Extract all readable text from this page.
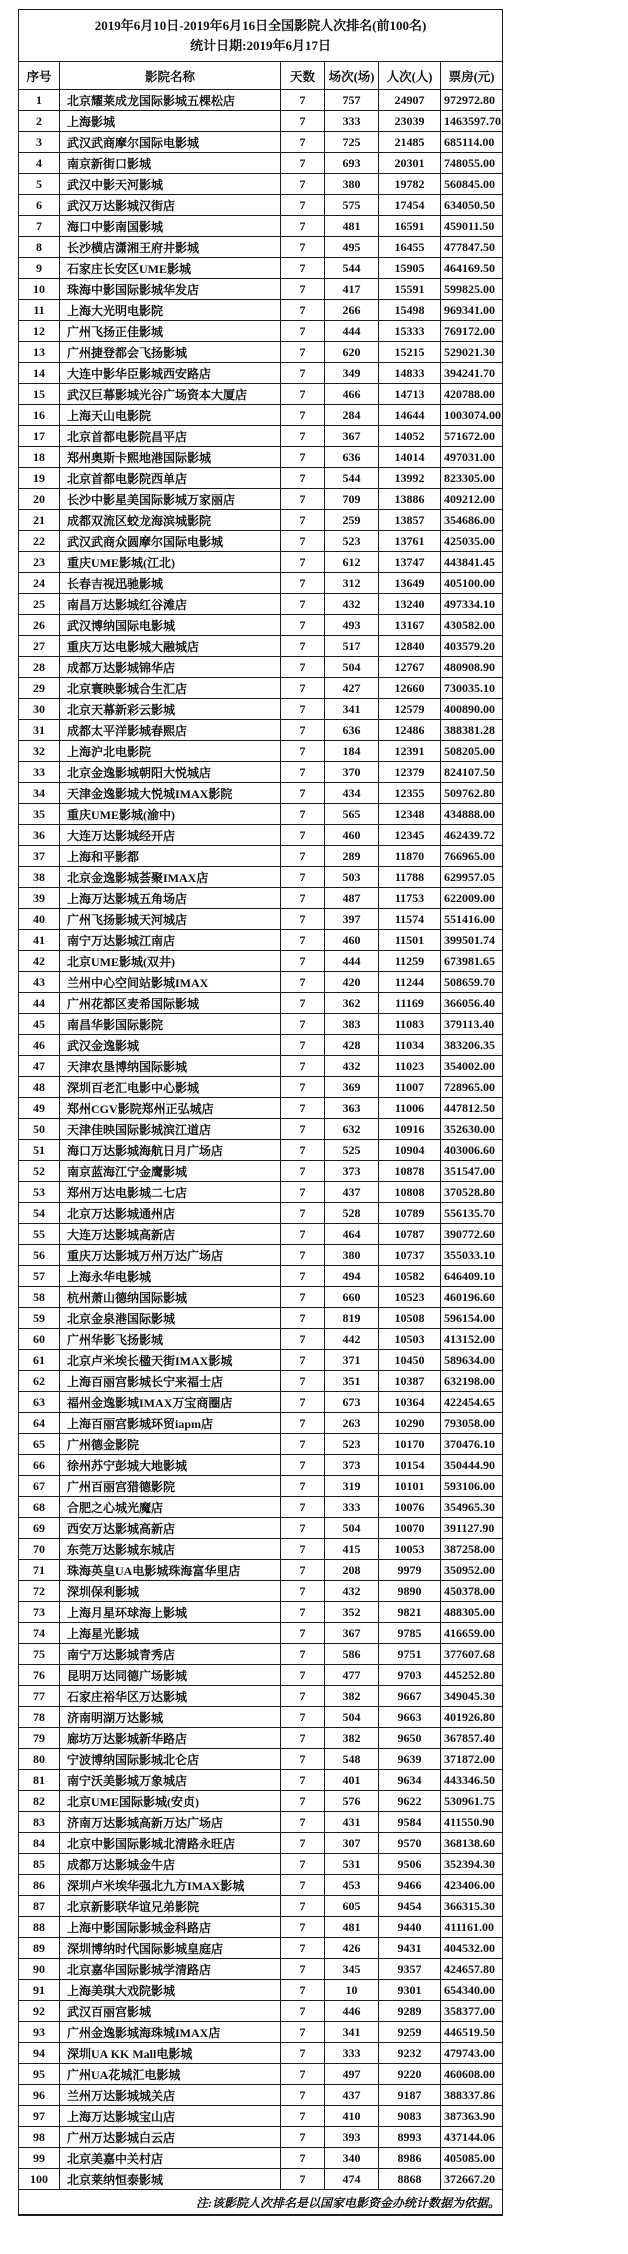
2019年6月10日-2019年6月16日全国影院人次排名(前100名)
统计日期:2019年6月17日					

序号	影院名称	天数	场次(场)	人次(人)	票房(元)
1	北京耀莱成龙国际影城五棵松店	7	757	24907	972972.80
2	上海影城	7	333	23039	1463597.70
3	武汉武商摩尔国际电影城	7	725	21485	685114.00
4	南京新街口影城	7	693	20301	748055.00
5	武汉中影天河影城	7	380	19782	560845.00
6	武汉万达影城汉街店	7	575	17454	634050.50
7	海口中影南国影城	7	481	16591	459011.50
8	长沙横店潇湘王府井影城	7	495	16455	477847.50
9	石家庄长安区UME影城	7	544	15905	464169.50
10	珠海中影国际影城华发店	7	417	15591	599825.00
11	上海大光明电影院	7	266	15498	969341.00
12	广州飞扬正佳影城	7	444	15333	769172.00
13	广州捷登都会飞扬影城	7	620	15215	529021.30
14	大连中影华臣影城西安路店	7	349	14833	394241.70
15	武汉巨幕影城光谷广场资本大厦店	7	466	14713	420788.00
16	上海天山电影院	7	284	14644	1003074.00
17	北京首都电影院昌平店	7	367	14052	571672.00
18	郑州奥斯卡熙地港国际影城	7	636	14014	497031.00
19	北京首都电影院西单店	7	544	13992	823305.00
20	长沙中影星美国际影城万家丽店	7	709	13886	409212.00
21	成都双流区蛟龙海滨城影院	7	259	13857	354686.00
22	武汉武商众圆摩尔国际电影城	7	523	13761	425035.00
23	重庆UME影城(江北)	7	612	13747	443841.45
24	长春吉视迅驰影城	7	312	13649	405100.00
25	南昌万达影城红谷滩店	7	432	13240	497334.10
26	武汉博纳国际电影城	7	493	13167	430582.00
27	重庆万达电影城大融城店	7	517	12840	403579.20
28	成都万达影城锦华店	7	504	12767	480908.90
29	北京寰映影城合生汇店	7	427	12660	730035.10
30	北京天幕新彩云影城	7	341	12579	400890.00
31	成都太平洋影城春熙店	7	636	12486	388381.28
32	上海沪北电影院	7	184	12391	508205.00
33	北京金逸影城朝阳大悦城店	7	370	12379	824107.50
34	天津金逸影城大悦城IMAX影院	7	434	12355	509762.80
35	重庆UME影城(渝中)	7	565	12348	434888.00
36	大连万达影城经开店	7	460	12345	462439.72
37	上海和平影都	7	289	11870	766965.00
38	北京金逸影城荟聚IMAX店	7	503	11788	629957.05
39	上海万达影城五角场店	7	487	11753	622009.00
40	广州飞扬影城天河城店	7	397	11574	551416.00
41	南宁万达影城江南店	7	460	11501	399501.74
42	北京UME影城(双井)	7	444	11259	673981.65
43	兰州中心空间站影城IMAX	7	420	11244	508659.70
44	广州花都区麦希国际影城	7	362	11169	366056.40
45	南昌华影国际影院	7	383	11083	379113.40
46	武汉金逸影城	7	428	11034	383206.35
47	天津农垦博纳国际影城	7	432	11023	354002.00
48	深圳百老汇电影中心影城	7	369	11007	728965.00
49	郑州CGV影院郑州正弘城店	7	363	11006	447812.50
50	天津佳映国际影城滨江道店	7	632	10916	352630.00
51	海口万达影城海航日月广场店	7	525	10904	403006.60
52	南京蓝海江宁金鹰影城	7	373	10878	351547.00
53	郑州万达电影城二七店	7	437	10808	370528.80
54	北京万达影城通州店	7	528	10789	556135.70
55	大连万达影城高新店	7	464	10787	390772.60
56	重庆万达影城万州万达广场店	7	380	10737	355033.10
57	上海永华电影城	7	494	10582	646409.10
58	杭州萧山德纳国际影城	7	660	10523	460196.60
59	北京金泉港国际影城	7	819	10508	596154.00
60	广州华影飞扬影城	7	442	10503	413152.00
61	北京卢米埃长楹天街IMAX影城	7	371	10450	589634.00
62	上海百丽宫影城长宁来福士店	7	351	10387	632198.00
63	福州金逸影城IMAX万宝商圈店	7	673	10364	422454.65
64	上海百丽宫影城环贸iapm店	7	263	10290	793058.00
65	广州德金影院	7	523	10170	370476.10
66	徐州苏宁彭城大地影城	7	373	10154	350444.90
67	广州百丽宫猎德影院	7	319	10101	593106.00
68	合肥之心城光魔店	7	333	10076	354965.30
69	西安万达影城高新店	7	504	10070	391127.90
70	东莞万达影城东城店	7	415	10053	387258.00
71	珠海英皇UA电影城珠海富华里店	7	208	9979	350952.00
72	深圳保利影城	7	432	9890	450378.00
73	上海月星环球海上影城	7	352	9821	488305.00
74	上海星光影城	7	367	9785	416659.00
75	南宁万达影城青秀店	7	586	9751	377607.68
76	昆明万达同德广场影城	7	477	9703	445252.80
77	石家庄裕华区万达影城	7	382	9667	349045.30
78	济南明湖万达影城	7	504	9663	401926.80
79	廊坊万达影城新华路店	7	382	9650	367857.40
80	宁波博纳国际影城北仑店	7	548	9639	371872.00
81	南宁沃美影城万象城店	7	401	9634	443346.50
82	北京UME国际影城(安贞)	7	576	9622	530961.75
83	济南万达影城高新万达广场店	7	431	9584	411550.90
84	北京中影国际影城北清路永旺店	7	307	9570	368138.60
85	成都万达影城金牛店	7	531	9506	352394.30
86	深圳卢米埃华强北九方IMAX影城	7	453	9466	423406.00
87	北京新影联华谊兄弟影院	7	605	9454	366315.30
88	上海中影国际影城金科路店	7	481	9440	411161.00
89	深圳博纳时代国际影城皇庭店	7	426	9431	404532.00
90	北京嘉华国际影城学清路店	7	345	9357	424657.80
91	上海美琪大戏院影城	7	10	9301	654340.00
92	武汉百丽宫影城	7	446	9289	358377.00
93	广州金逸影城海珠城IMAX店	7	341	9259	446519.50
94	深圳UA KK Mall电影城	7	333	9232	479743.00
95	广州UA花城汇电影城	7	497	9220	460608.00
96	兰州万达影城城关店	7	437	9187	388337.86
97	上海万达影城宝山店	7	410	9083	387363.90
98	广州万达影城白云店	7	393	8993	437144.06
99	北京美嘉中关村店	7	340	8986	405085.00
100	北京莱纳恒泰影城	7	474	8868	372667.20
注:该影院人次排名是以国家电影资金办统计数据为依据。					
